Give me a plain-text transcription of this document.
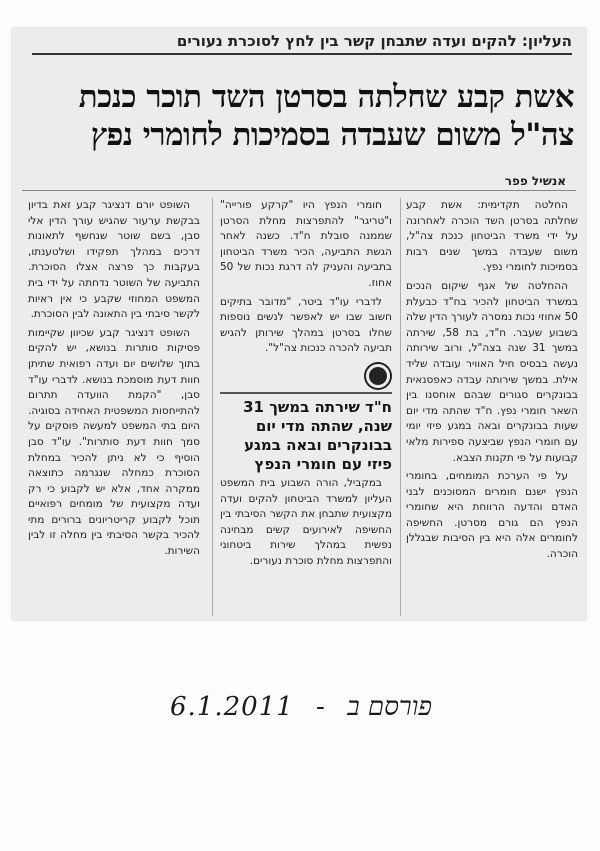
העליון: להקים ועדה שתבחן קשר בין לחץ לסוכרת נעורים
אשת קבע שחלתה בסרטן השד תוכר כנכת
צה"ל משום שעבדה בסמיכות לחומרי נפץ
אנשיל פפר

החלטה תקדימית: אשת קבע שחלתה בסרטן השד הוכרה לאחרונה על ידי משרד הביטחון כנכת צה"ל, משום שעבדה במשך שנים רבות בסמיכות לחומרי נפץ.

ההחלטה של אגף שיקום הנכים במשרד הביטחון להכיר בח"ד כבעלת 50 אחוזי נכות נמסרה לעורך הדין שלה בשבוע שעבר. ח"ד, בת 58, שירתה במשך 31 שנה בצה"ל, ורוב שירותה נעשה בבסיס חיל האוויר עובדה שליד אילת. במשך שירותה עבדה כאפסנאית בבונקרים סגורים שבהם אוחסנו בין השאר חומרי נפץ. ח"ד שהתה מדי יום שעות בבונקרים ובאה במגע פיזי יומי עם חומרי הנפץ שביצעה ספירות מלאי קבועות על פי תקנות הצבא.

על פי הערכת המומחים, בחומרי הנפץ ישנם חומרים המסוכנים לבני האדם והדעה הרווחת היא שחומרי הנפץ הם גורם מסרטן. החשיפה לחומרים אלה היא בין הסיבות שבגללן הוכרה.

חומרי הנפץ היו "קרקע פורייה" ו"טריגר" להתפרצות מחלת הסרטן שממנה סובלת ח"ד. כשנה לאחר הגשת התביעה, הכיר משרד הביטחון בתביעה והעניק לה דרגת נכות של 50 אחוז.

לדברי עו"ד ביטר, "מדובר בתיקים חשוב שבו יש לאפשר לנשים נוספות שחלו בסרטן במהלך שירותן להגיש תביעה להכרה כנכות צה"ל".

ח"ד שירתה במשך 31 שנה, שהתה מדי יום בבונקרים ובאה במגע פיזי עם חומרי הנפץ

במקביל, הורה השבוע בית המשפט העליון למשרד הביטחון להקים ועדה מקצועית שתבחן את הקשר הסיבתי בין החשיפה לאירועים קשים מבחינה נפשית במהלך שירות ביטחוני והתפרצות מחלת סוכרת נעורים.

השופט יורם דנציגר קבע זאת בדיון בבקשת ערעור שהגיש עורך הדין אלי סבן, בשם שוטר שנחשף לתאונות דרכים במהלך תפקידו ושלטענתו, בעקבות כך פרצה אצלו הסוכרת. התביעה של השוטר נדחתה על ידי בית המשפט המחוזי שקבע כי אין ראיות לקשר סיבתי בין התאונה לבין הסוכרת.

השופט דנציגר קבע שכיוון שקיימות פסיקות סותרות בנושא, יש להקים בתוך שלושים יום ועדה רפואית שתיתן חוות דעת מוסמכת בנושא. לדברי עו"ד סבן, "הקמת הוועדה תתרום להתייחסות המשפטית האחידה בסוגיה. היום בתי המשפט למעשה פוסקים על סמך חוות דעת סותרות". עו"ד סבן הוסיף כי לא ניתן להכיר במחלת הסוכרת כמחלה שנגרמה כתוצאה ממקרה אחד, אלא יש לקבוע כי רק ועדה מקצועית של מומחים רפואיים תוכל לקבוע קריטריונים ברורים מתי להכיר בקשר הסיבתי בין מחלה זו לבין השירות.

6.1.2011 - פורסם ב
